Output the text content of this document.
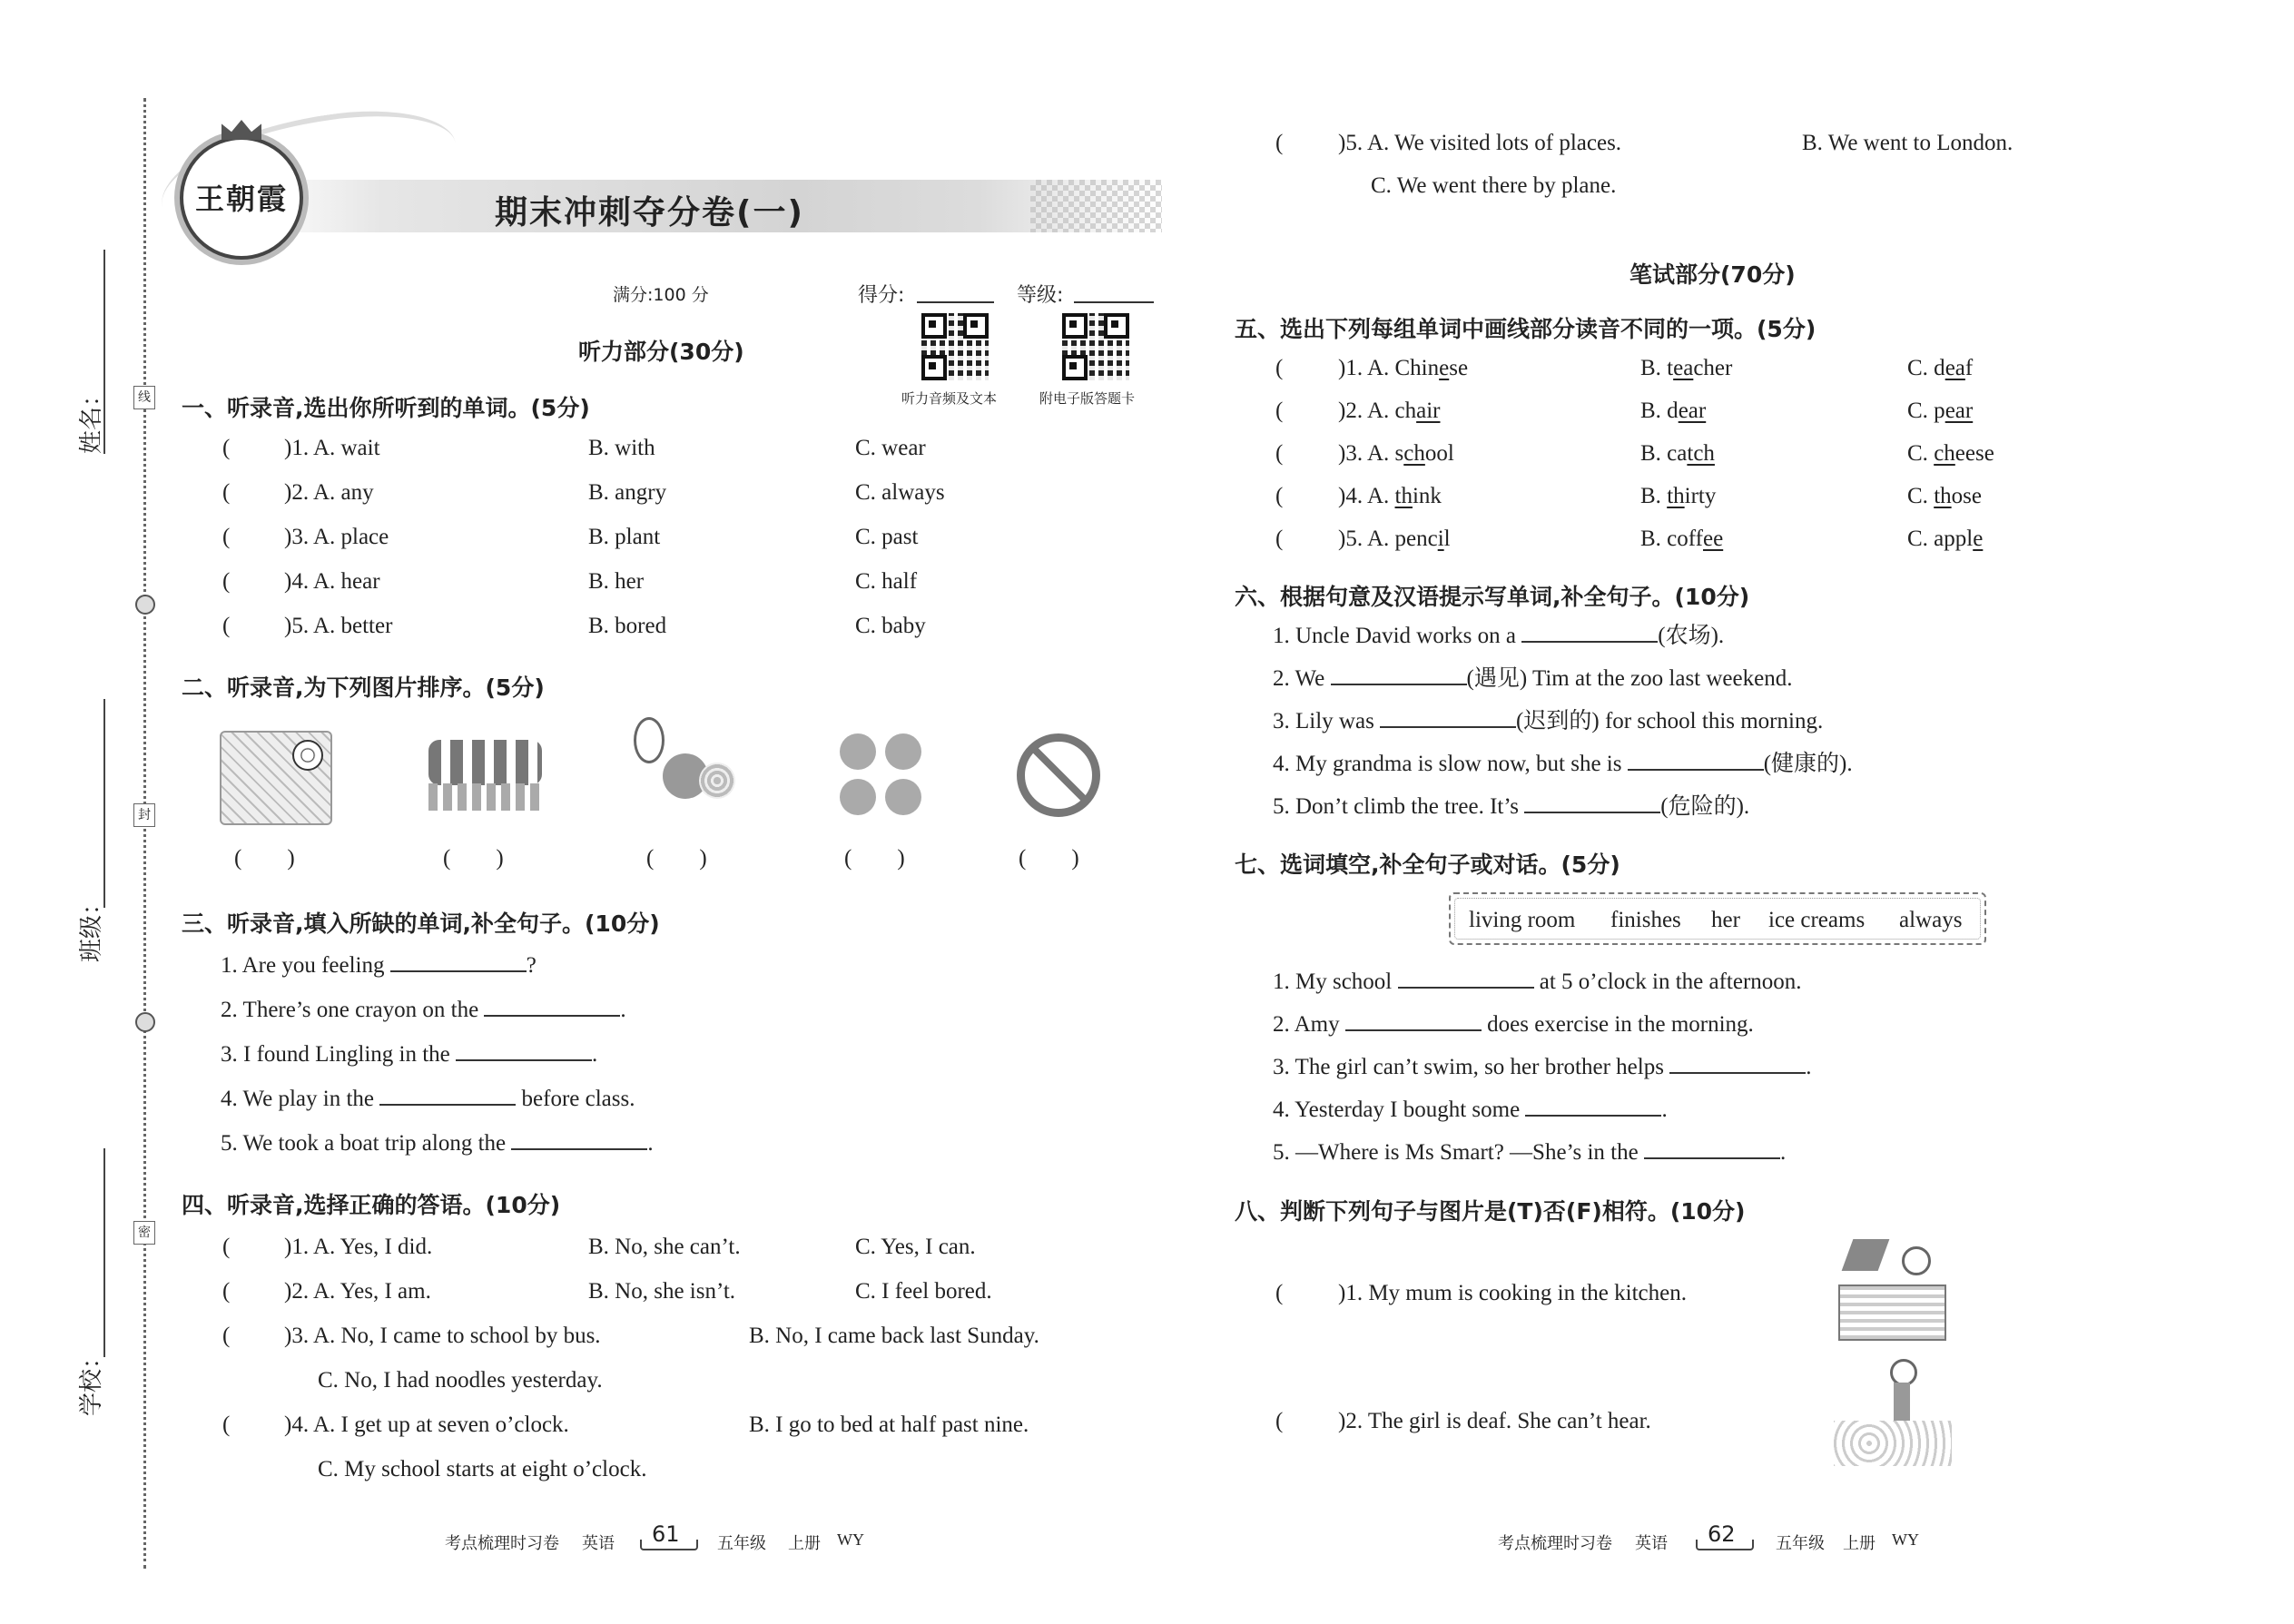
姓名：
班级：
学校：
线
封
密
王朝霞	期末冲刺夺分卷(一)
满分:100 分	得分:	等级:
听力音频及文本	附电子版答题卡
听力部分(30分)
一、听录音,选出你所听到的单词。(5分)
( )1. A. wait	B. with	C. wear
( )2. A. any	B. angry	C. always
( )3. A. place	B. plant	C. past
( )4. A. hear	B. her	C. half
( )5. A. better	B. bored	C. baby
二、听录音,为下列图片排序。(5分)
(　　)	(　　)	(　　)	(　　)	(　　)
三、听录音,填入所缺的单词,补全句子。(10分)
1. Are you feeling	?
2. There’s one crayon on the	.
3. I found Lingling in the	.
4. We play in the	before class.
5. We took a boat trip along the	.
四、听录音,选择正确的答语。(10分)
( )1. A. Yes, I did.	B. No, she can’t.	C. Yes, I can.
( )2. A. Yes, I am.	B. No, she isn’t.	C. I feel bored.
( )3. A. No, I came to school by bus.	B. No, I came back last Sunday.
C. No, I had noodles yesterday.
( )4. A. I get up at seven o’clock.	B. I go to bed at half past nine.
C. My school starts at eight o’clock.
考点梳理时习卷 英语 61 五年级 上册 WY
( )5. A. We visited lots of places.	B. We went to London.
C. We went there by plane.
笔试部分(70分)
五、选出下列每组单词中画线部分读音不同的一项。(5分)
( )1. A. Chinese	B. teacher	C. deaf
( )2. A. chair	B. dear	C. pear
( )3. A. school	B. catch	C. cheese
( )4. A. think	B. thirty	C. those
( )5. A. pencil	B. coffee	C. apple
六、根据句意及汉语提示写单词,补全句子。(10分)
1. Uncle David works on a	(农场).
2. We	(遇见) Tim at the zoo last weekend.
3. Lily was	(迟到的) for school this morning.
4. My grandma is slow now, but she is	(健康的).
5. Don’t climb the tree. It’s	(危险的).
七、选词填空,补全句子或对话。(5分)
living room finishes her ice creams always
1. My school	at 5 o’clock in the afternoon.
2. Amy	does exercise in the morning.
3. The girl can’t swim, so her brother helps	.
4. Yesterday I bought some	.
5. —Where is Ms Smart? —She’s in the	.
八、判断下列句子与图片是(T)否(F)相符。(10分)
( )1. My mum is cooking in the kitchen.
( )2. The girl is deaf. She can’t hear.
考点梳理时习卷 英语 62 五年级 上册 WY
